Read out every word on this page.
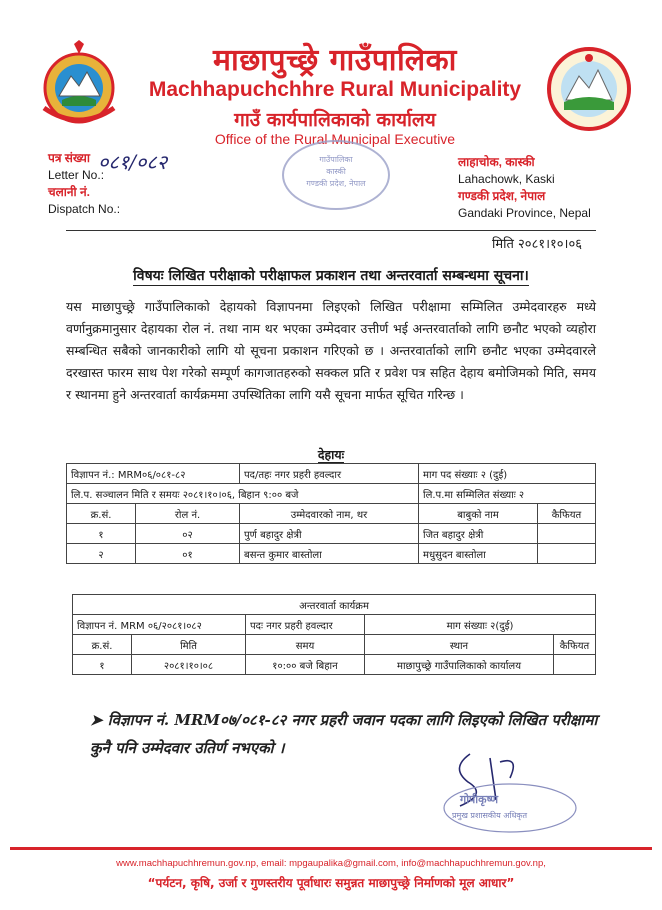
माछापुच्छ्रे गाउँपालिका
Machhapuchchhre Rural Municipality
गाउँ कार्यपालिकाको कार्यालय
Office of the Rural Municipal Executive
पत्र संख्या
Letter No.:
चलानी नं.
Dispatch No.:
०८१/०८२	गाउँपालिका
कास्की
गण्डकी प्रदेश, नेपाल
लाहाचोक, कास्की
Lahachowk, Kaski
गण्डकी प्रदेश, नेपाल
Gandaki Province, Nepal
मिति २०८१।१०।०६
विषयः लिखित परीक्षाको परीक्षाफल प्रकाशन तथा अन्तरवार्ता सम्बन्धमा सूचना।
यस माछापुच्छ्रे गाउँपालिकाको देहायको विज्ञापनमा लिइएको लिखित परीक्षामा सम्मिलित उम्मेदवारहरु मध्ये वर्णानुक्रमानुसार देहायका रोल नं. तथा नाम थर भएका उम्मेदवार उत्तीर्ण भई अन्तरवार्ताको लागि छनौट भएको व्यहोरा सम्बन्धित सबैको जानकारीको लागि यो सूचना प्रकाशन गरिएको छ । अन्तरवार्ताको लागि छनौट भएका उम्मेदवारले दरखास्त फारम साथ पेश गरेको सम्पूर्ण कागजातहरुको सक्कल प्रति र प्रवेश पत्र सहित देहाय बमोजिमको मिति, समय र स्थानमा हुने अन्तरवार्ता कार्यक्रममा उपस्थितिका लागि यसै सूचना मार्फत सूचित गरिन्छ ।
देहायः
विज्ञापन नं.: MRM०६/०८१-८२		पद/तहः नगर प्रहरी हवल्दार	माग पद संख्याः २ (दुई)	
लि.प. सञ्चालन मिति र समयः २०८१।१०।०६, बिहान ९:०० बजे			लि.प.मा सम्मिलित संख्याः २	
क्र.सं.	रोल नं.	उम्मेदवारको नाम, थर	बाबुको नाम	कैफियत
१	०२	पुर्ण बहादुर क्षेत्री	जित बहादुर क्षेत्री	
२	०१	बसन्त कुमार बास्तोला	मधुसुदन बास्तोला	
अन्तरवार्ता कार्यक्रम				
विज्ञापन नं. MRM ०६/२०८१।०८२		पदः नगर प्रहरी हवल्दार	माग संख्याः २(दुई)	
क्र.सं.	मिति	समय	स्थान	कैफियत
१	२०८१।१०।०८	१०:०० बजे बिहान	माछापुच्छ्रे गाउँपालिकाको कार्यालय	
➤ विज्ञापन नं. MRM०७/०८१-८२ नगर प्रहरी जवान पदका लागि लिइएको लिखित परीक्षामा कुनै पनि उम्मेदवार उतिर्ण नभएको ।
गोपीकृष्ण
प्रमुख प्रशासकीय अधिकृत
www.machhapuchhremun.gov.np, email: mpgaupalika@gmail.com, info@machhapuchhremun.gov.np,
“पर्यटन, कृषि, उर्जा र गुणस्तरीय पूर्वाधारः समुन्नत माछापुच्छ्रे निर्माणको मूल आधार”
